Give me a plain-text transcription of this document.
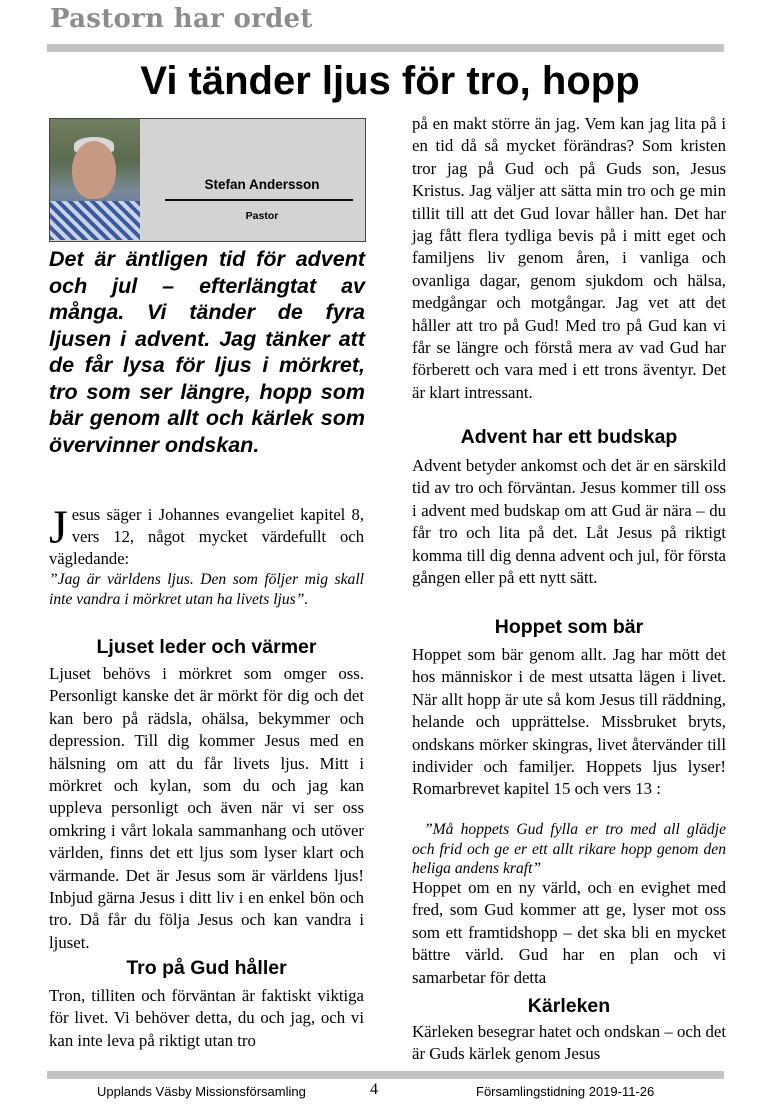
Pastorn har ordet
Vi tänder ljus för tro, hopp
Stefan Andersson
Pastor
Det är äntligen tid för advent och jul – efterlängtat av många. Vi tänder de fyra ljusen i advent. Jag tänker att de får lysa för ljus i mörkret, tro som ser längre, hopp som bär genom allt och kärlek som övervinner ondskan.
Jesus säger i Johannes evangeliet kapitel 8, vers 12, något mycket värdefullt och vägledande:
”Jag är världens ljus. Den som följer mig skall inte vandra i mörkret utan ha livets ljus”.
Ljuset leder och värmer
Ljuset behövs i mörkret som omger oss. Personligt kanske det är mörkt för dig och det kan bero på rädsla, ohälsa, bekymmer och depression. Till dig kommer Jesus med en hälsning om att du får livets ljus. Mitt i mörkret och kylan, som du och jag kan uppleva personligt och även när vi ser oss omkring i vårt lokala sammanhang och utöver världen, finns det ett ljus som lyser klart och värmande. Det är Jesus som är världens ljus! Inbjud gärna Jesus i ditt liv i en enkel bön och tro. Då får du följa Jesus och kan vandra i ljuset.
Tro på Gud håller
Tron, tilliten och förväntan är faktiskt viktiga för livet. Vi behöver detta, du och jag, och vi kan inte leva på riktigt utan tro
på en makt större än jag. Vem kan jag lita på i en tid då så mycket förändras? Som kristen tror jag på Gud och på Guds son, Jesus Kristus. Jag väljer att sätta min tro och ge min tillit till att det Gud lovar håller han. Det har jag fått flera tydliga bevis på i mitt eget och familjens liv genom åren, i vanliga och ovanliga dagar, genom sjukdom och hälsa, medgångar och motgångar. Jag vet att det håller att tro på Gud! Med tro på Gud kan vi får se längre och förstå mera av vad Gud har förberett och vara med i ett trons äventyr. Det är klart intressant.
Advent har ett budskap
Advent betyder ankomst och det är en särskild tid av tro och förväntan. Jesus kommer till oss i advent med budskap om att Gud är nära – du får tro och lita på det. Låt Jesus på riktigt komma till dig denna advent och jul, för första gången eller på ett nytt sätt.
Hoppet som bär
Hoppet som bär genom allt. Jag har mött det hos människor i de mest utsatta lägen i livet. När allt hopp är ute så kom Jesus till räddning, helande och upprättelse. Missbruket bryts, ondskans mörker skingras, livet återvänder till individer och familjer. Hoppets ljus lyser! Romarbrevet kapitel 15 och vers 13 :
”Må hoppets Gud fylla er tro med all glädje och frid och ge er ett allt rikare hopp genom den heliga andens kraft”
Hoppet om en ny värld, och en evighet med fred, som Gud kommer att ge, lyser mot oss som ett framtidshopp – det ska bli en mycket bättre värld. Gud har en plan och vi samarbetar för detta
Kärleken
Kärleken besegrar hatet och ondskan – och det är Guds kärlek genom Jesus
Upplands Väsby Missionsförsamling	4	Församlingstidning 2019-11-26
